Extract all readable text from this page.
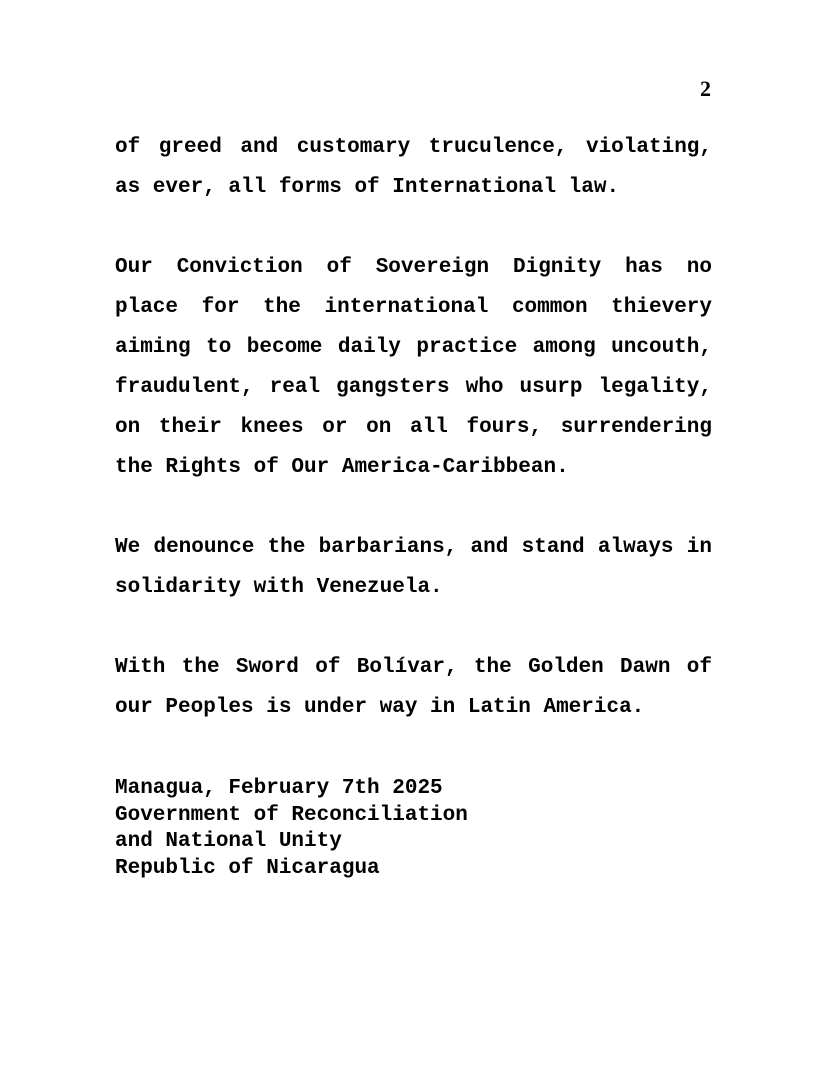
2

of greed and customary truculence, violating, as ever, all forms of International law.

Our Conviction of Sovereign Dignity has no place for the international common thievery aiming to become daily practice among uncouth, fraudulent, real gangsters who usurp legality, on their knees or on all fours, surrendering the Rights of Our America-Caribbean.

We denounce the barbarians, and stand always in solidarity with Venezuela.

With the Sword of Bolívar, the Golden Dawn of our Peoples is under way in Latin America.

Managua, February 7th 2025
Government of Reconciliation
and National Unity
Republic of Nicaragua
